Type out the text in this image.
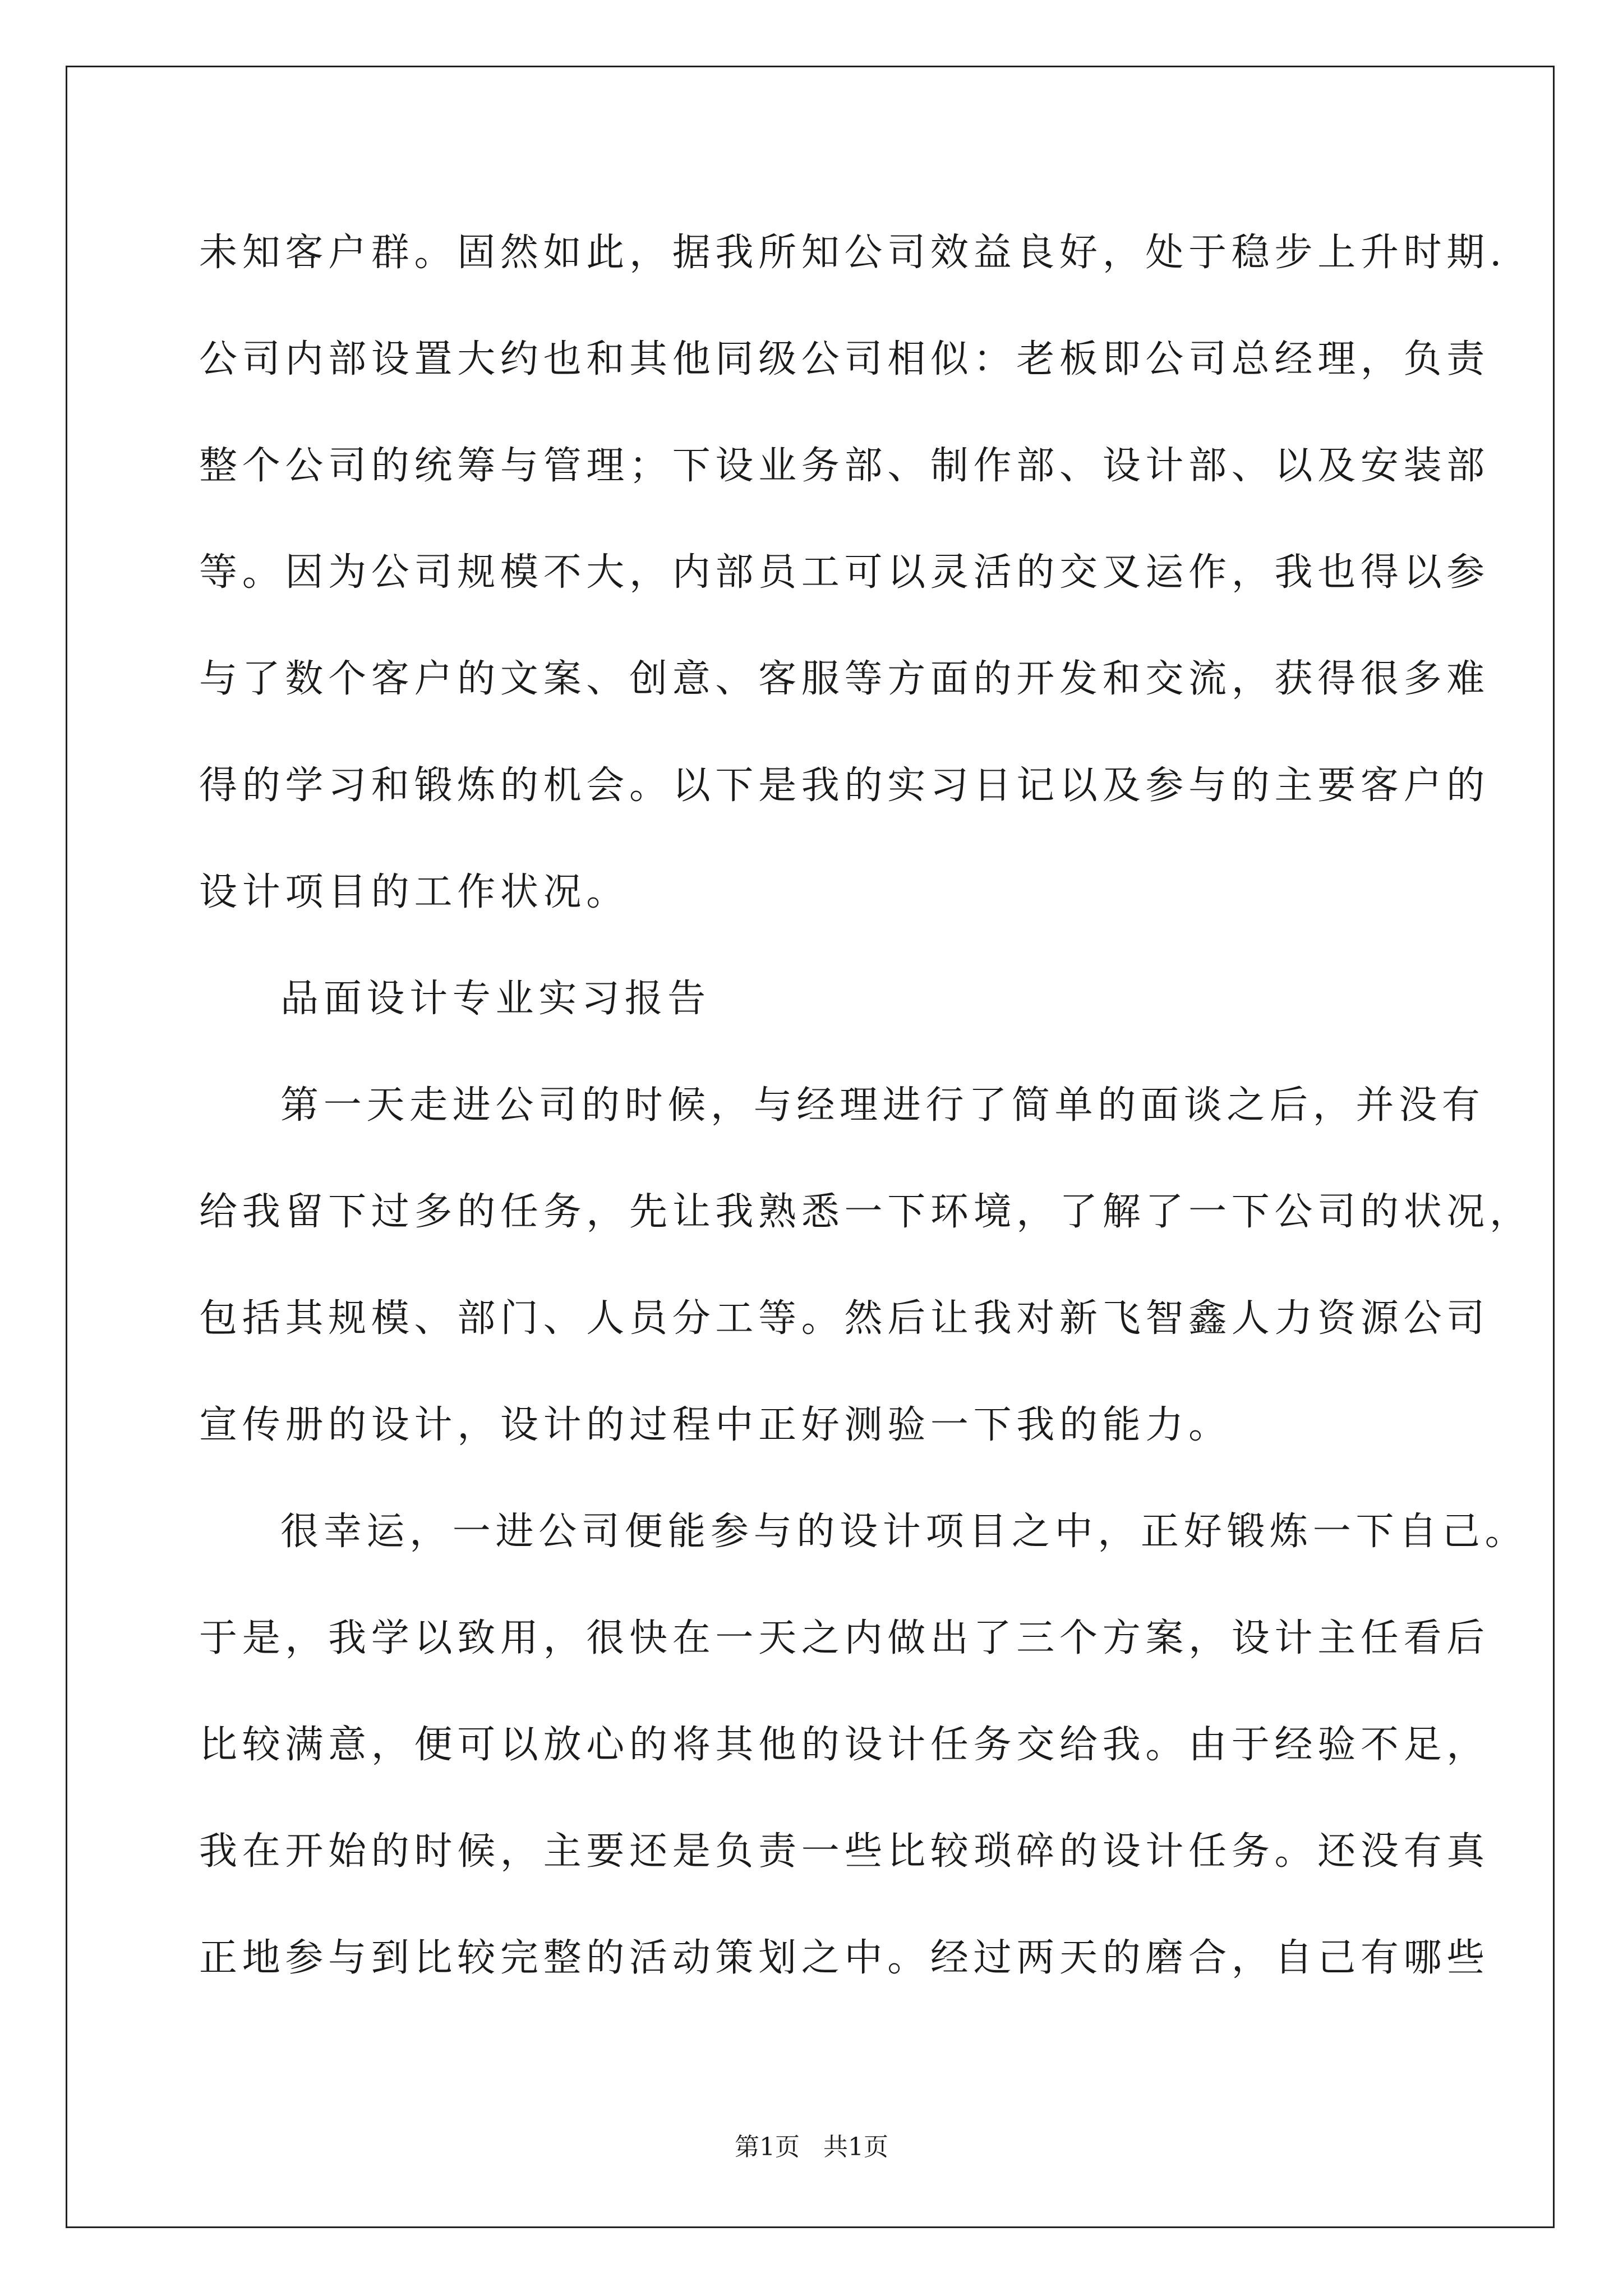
未知客户群。固然如此，据我所知公司效益良好，处于稳步上升时期.
公司内部设置大约也和其他同级公司相似：老板即公司总经理，负责
整个公司的统筹与管理；下设业务部、制作部、设计部、以及安装部
等。因为公司规模不大，内部员工可以灵活的交叉运作，我也得以参
与了数个客户的文案、创意、客服等方面的开发和交流，获得很多难
得的学习和锻炼的机会。以下是我的实习日记以及参与的主要客户的
设计项目的工作状况。
品面设计专业实习报告
第一天走进公司的时候，与经理进行了简单的面谈之后，并没有
给我留下过多的任务，先让我熟悉一下环境，了解了一下公司的状况，
包括其规模、部门、人员分工等。然后让我对新飞智鑫人力资源公司
宣传册的设计，设计的过程中正好测验一下我的能力。
很幸运，一进公司便能参与的设计项目之中，正好锻炼一下自己。
于是，我学以致用，很快在一天之内做出了三个方案，设计主任看后
比较满意，便可以放心的将其他的设计任务交给我。由于经验不足，
我在开始的时候，主要还是负责一些比较琐碎的设计任务。还没有真
正地参与到比较完整的活动策划之中。经过两天的磨合，自己有哪些
第1页   共1页
